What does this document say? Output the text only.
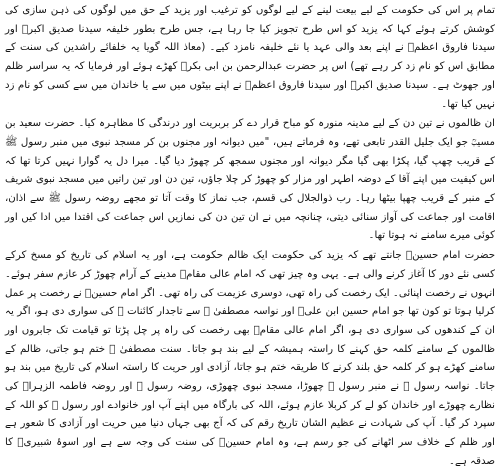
تمام پر اس کی حکومت کے لیے بیعت لینے کے لیے لوگوں کو ترغیب اور یزید کے حق میں لوگوں کی ذہن سازی کی کوشش کرتے ہوئے کہا کہ یزید کو اس طرح تجویز کیا جا رہا ہے، جس طرح بطور خلیفہ سیدنا صدیق اکبرؓ اور سیدنا فاروق اعظمؓ نے اپنے بعد والی عہد یا نئے خلیفہ نامزد کیے۔ (معاذ اللہ گویا یہ خلفائے راشدین کی سنت کے مطابق اس کو نام زد کر رہے تھے) اس پر حضرت عبدالرحمن بن ابی بکرؓ کھڑے ہوئے اور فرمایا کہ یہ سراسر ظلم اور جھوٹ ہے۔ سیدنا صدیق اکبرؓ اور سیدنا فاروق اعظمؓ نے اپنے بیٹوں میں سے یا خاندان میں سے کسی کو نام زد نہیں کیا تھا۔

ان ظالموں نے تین دن کے لیے مدینہ منورہ کو مباح قرار دے کر بربریت اور درندگی کا مظاہرہ کیا۔ حضرت سعید بن مسیبؒ جو ایک جلیل القدر تابعی تھے، وہ فرماتے ہیں، "میں دیوانہ اور مجنوں بن کر مسجد نبوی میں منبر رسول ﷺ کے قریب چھپ گیا، پکڑا بھی گیا مگر دیوانہ اور مجنوں سمجھ کر چھوڑ دیا گیا۔ میرا دل یہ گوارا نہیں کرتا تھا کہ اس کیفیت میں اپنے آقا کے دوضہ اطہر اور مزار کو چھوڑ کر چلا جاؤں، تین دن اور تین راتیں میں مسجد نبوی شریف کے منبر کے قریب چھپا بیٹھا رہا۔ رب ذوالجلال کی قسم، جب نماز کا وقت آتا تو مجھے روضہ رسول ﷺ سے اذان، اقامت اور جماعت کی آواز سنائی دیتی، چنانچہ میں نے ان تین دن کی نمازیں اس جماعت کی اقتدا میں ادا کیں اور کوئی میرے سامنے نہ ہوتا تھا۔

حضرت امام حسینؓ جانتے تھے کہ یزید کی حکومت ایک ظالم حکومت ہے، اور یہ اسلام کی تاریخ کو مسخ کرکے کسی نئے دور کا آغاز کرنے والی ہے۔ یہی وہ چیز تھی کہ امام عالی مقامؓ مدینے کے آرام چھوڑ کر عازم سفر ہوئے۔ انہوں نے رخصت اپنائی۔ ایک رخصت کی راہ تھی، دوسری عزیمت کی راہ تھی۔ اگر امام حسینؓ نے رخصت پر عمل کرلیا ہوتا تو کون تھا جو امام حسین ابن علیؓ اور نواسہ مصطفیٰ ﷺ سے تاجدار کائنات ﷺ کی سواری دی ہو، اگر یہ ان کے کندھوں کی سواری دی ہو، اگر امام عالی مقامؓ بھی رخصت کی راہ پر چل پڑتا تو قیامت تک جابروں اور ظالموں کے سامنے کلمہ حق کہنے کا راستہ ہمیشہ کے لیے بند ہو جاتا۔ سنت مصطفیٰ ﷺ ختم ہو جاتی، ظالم کے سامنے کھڑے ہو کر کلمہ حق بلند کرنے کا طریقہ ختم ہو جاتا، آزادی اور حریت کا راستہ اسلام کی تاریخ میں بند ہو جاتا۔ نواسہ رسول ﷺ نے منبر رسول ﷺ چھوڑا، مسجد نبوی چھوڑی، روضہ رسول ﷺ اور روضہ فاطمہ الزہراؓ کی نظارے چھوڑے اور خاندان کو لے کر کربلا عازم ہوئے، اللہ کی بارگاہ میں اپنے آپ اور خانوادے اور رسول ﷺ کو اللہ کے سپرد کر گیا۔ آپ کی شہادت نے عظیم الشان تاریخ رقم کی کہ آج بھی جہاں دنیا میں حریت اور آزادی کا شعور ہے اور ظلم کے خلاف سر اٹھانے کی جو رسم ہے، وہ امام حسینؓ کی سنت کی وجہ سے ہے اور اسوۂ شبیریؓ کا صدقہ ہے۔
